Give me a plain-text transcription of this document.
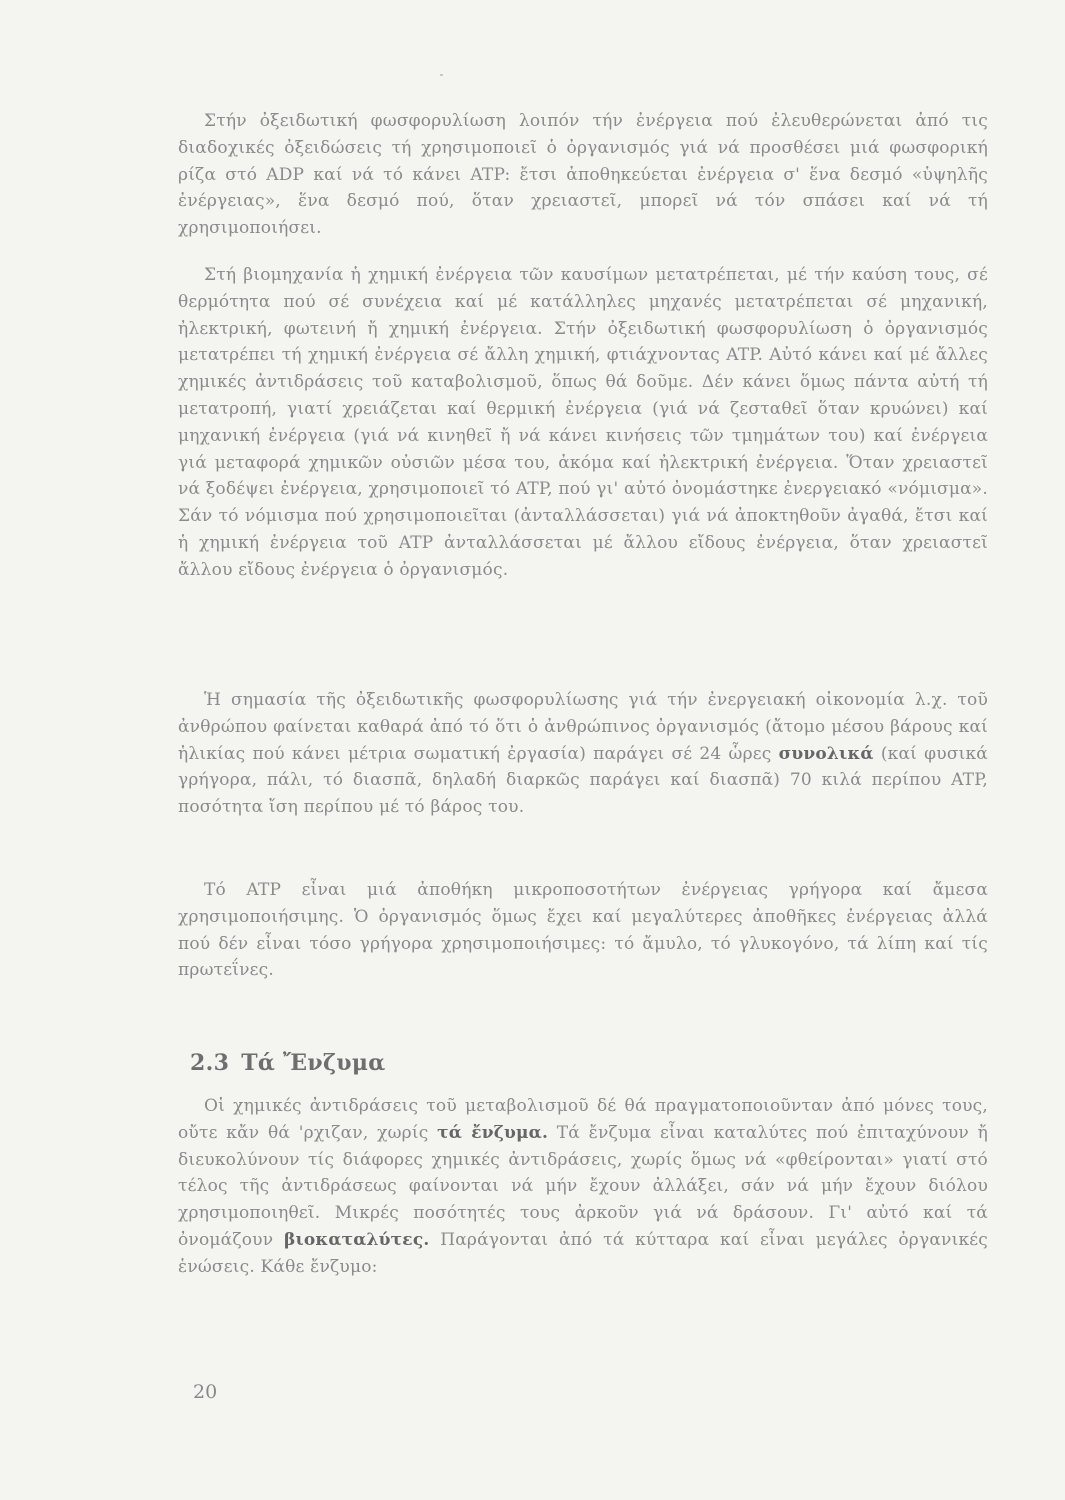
Στήν ὀξειδωτική φωσφορυλίωση λοιπόν τήν ἐνέργεια πού ἐλευθερώνεται ἀπό τις διαδοχικές ὀξειδώσεις τή χρησιμοποιεῖ ὁ ὀργανισμός γιά νά προσθέσει μιά φωσφορική ρίζα στό ADP καί νά τό κάνει ATP: ἔτσι ἀποθηκεύεται ἐνέργεια σ' ἕνα δεσμό «ὑψηλῆς ἐνέργειας», ἕνα δεσμό πού, ὅταν χρειαστεῖ, μπορεῖ νά τόν σπάσει καί νά τή χρησιμοποιήσει.

Στή βιομηχανία ἡ χημική ἐνέργεια τῶν καυσίμων μετατρέπεται, μέ τήν καύση τους, σέ θερμότητα πού σέ συνέχεια καί μέ κατάλληλες μηχανές μετατρέπεται σέ μηχανική, ἠλεκτρική, φωτεινή ἤ χημική ἐνέργεια. Στήν ὀξειδωτική φωσφορυλίωση ὁ ὀργανισμός μετατρέπει τή χημική ἐνέργεια σέ ἄλλη χημική, φτιάχνοντας ATP. Αὐτό κάνει καί μέ ἄλλες χημικές ἀντιδράσεις τοῦ καταβολισμοῦ, ὅπως θά δοῦμε. Δέν κάνει ὅμως πάντα αὐτή τή μετατροπή, γιατί χρειάζεται καί θερμική ἐνέργεια (γιά νά ζεσταθεῖ ὅταν κρυώνει) καί μηχανική ἐνέργεια (γιά νά κινηθεῖ ἤ νά κάνει κινήσεις τῶν τμημάτων του) καί ἐνέργεια γιά μεταφορά χημικῶν οὐσιῶν μέσα του, ἀκόμα καί ἠλεκτρική ἐνέργεια. Ὅταν χρειαστεῖ νά ξοδέψει ἐνέργεια, χρησιμοποιεῖ τό ATP, πού γι' αὐτό ὀνομάστηκε ἐνεργειακό «νόμισμα». Σάν τό νόμισμα πού χρησιμοποιεῖται (ἀνταλλάσσεται) γιά νά ἀποκτηθοῦν ἀγαθά, ἔτσι καί ἡ χημική ἐνέργεια τοῦ ATP ἀνταλλάσσεται μέ ἄλλου εἴδους ἐνέργεια, ὅταν χρειαστεῖ ἄλλου εἴδους ἐνέργεια ὁ ὀργανισμός.

Ἡ σημασία τῆς ὀξειδωτικῆς φωσφορυλίωσης γιά τήν ἐνεργειακή οἰκονομία λ.χ. τοῦ ἀνθρώπου φαίνεται καθαρά ἀπό τό ὅτι ὁ ἀνθρώπινος ὀργανισμός (ἄτομο μέσου βάρους καί ἡλικίας πού κάνει μέτρια σωματική ἐργασία) παράγει σέ 24 ὧρες συνολικά (καί φυσικά γρήγορα, πάλι, τό διασπᾶ, δηλαδή διαρκῶς παράγει καί διασπᾶ) 70 κιλά περίπου ATP, ποσότητα ἴση περίπου μέ τό βάρος του.

Τό ATP εἶναι μιά ἀποθήκη μικροποσοτήτων ἐνέργειας γρήγορα καί ἄμεσα χρησιμοποιήσιμης. Ὁ ὀργανισμός ὅμως ἔχει καί μεγαλύτερες ἀποθῆκες ἐνέργειας ἀλλά πού δέν εἶναι τόσο γρήγορα χρησιμοποιήσιμες: τό ἄμυλο, τό γλυκογόνο, τά λίπη καί τίς πρωτεΐνες.

2.3 Τά Ἔνζυμα

Οἱ χημικές ἀντιδράσεις τοῦ μεταβολισμοῦ δέ θά πραγματοποιοῦνταν ἀπό μόνες τους, οὔτε κἄν θά 'ρχιζαν, χωρίς τά ἔνζυμα. Τά ἔνζυμα εἶναι καταλύτες πού ἐπιταχύνουν ἤ διευκολύνουν τίς διάφορες χημικές ἀντιδράσεις, χωρίς ὅμως νά «φθείρονται» γιατί στό τέλος τῆς ἀντιδράσεως φαίνονται νά μήν ἔχουν ἀλλάξει, σάν νά μήν ἔχουν διόλου χρησιμοποιηθεῖ. Μικρές ποσότητές τους ἀρκοῦν γιά νά δράσουν. Γι' αὐτό καί τά ὀνομάζουν βιοκαταλύτες. Παράγονται ἀπό τά κύτταρα καί εἶναι μεγάλες ὀργανικές ἑνώσεις. Κάθε ἔνζυμο:

20
